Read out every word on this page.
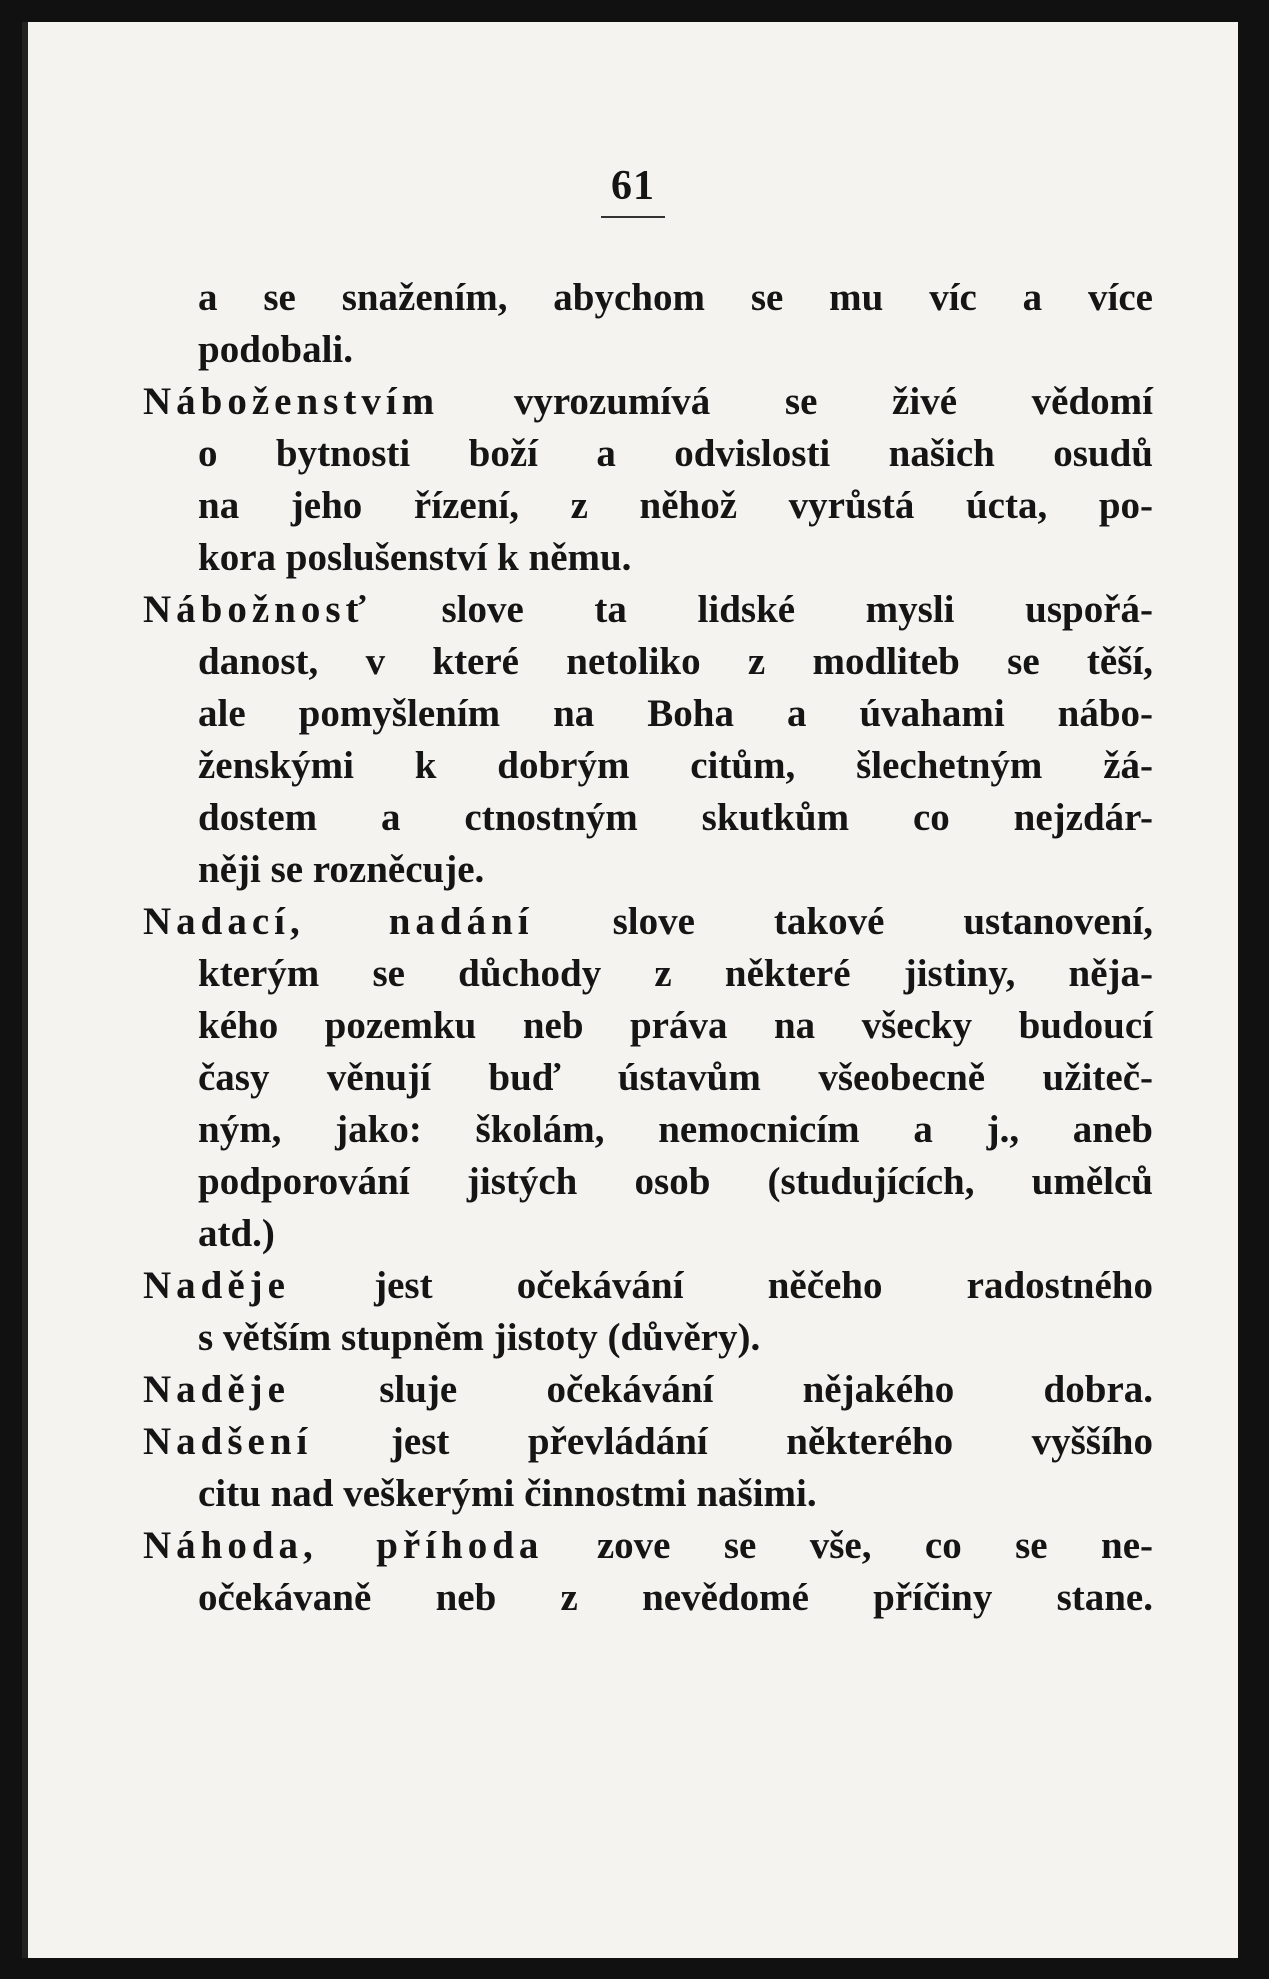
61
a se snažením, abychom se mu víc a více
podobali.
Náboženstvím vyrozumívá se živé vědomí
o bytnosti boží a odvislosti našich osudů
na jeho řízení, z něhož vyrůstá úcta, po-
kora poslušenství k němu.
Nábožnosť slove ta lidské mysli uspořá-
danost, v které netoliko z modliteb se těší,
ale pomyšlením na Boha a úvahami nábo-
ženskými k dobrým citům, šlechetným žá-
dostem a ctnostným skutkům co nejzdár-
něji se rozněcuje.
Nadací, nadání slove takové ustanovení,
kterým se důchody z některé jistiny, něja-
kého pozemku neb práva na všecky budoucí
časy věnují buď ústavům všeobecně užiteč-
ným, jako: školám, nemocnicím a j., aneb
podporování jistých osob (studujících, umělců
atd.)
Naděje jest očekávání něčeho radostného
s větším stupněm jistoty (důvěry).
Naděje sluje očekávání nějakého dobra.
Nadšení jest převládání některého vyššího
citu nad veškerými činnostmi našimi.
Náhoda, příhoda zove se vše, co se ne-
očekávaně neb z nevědomé příčiny stane.
